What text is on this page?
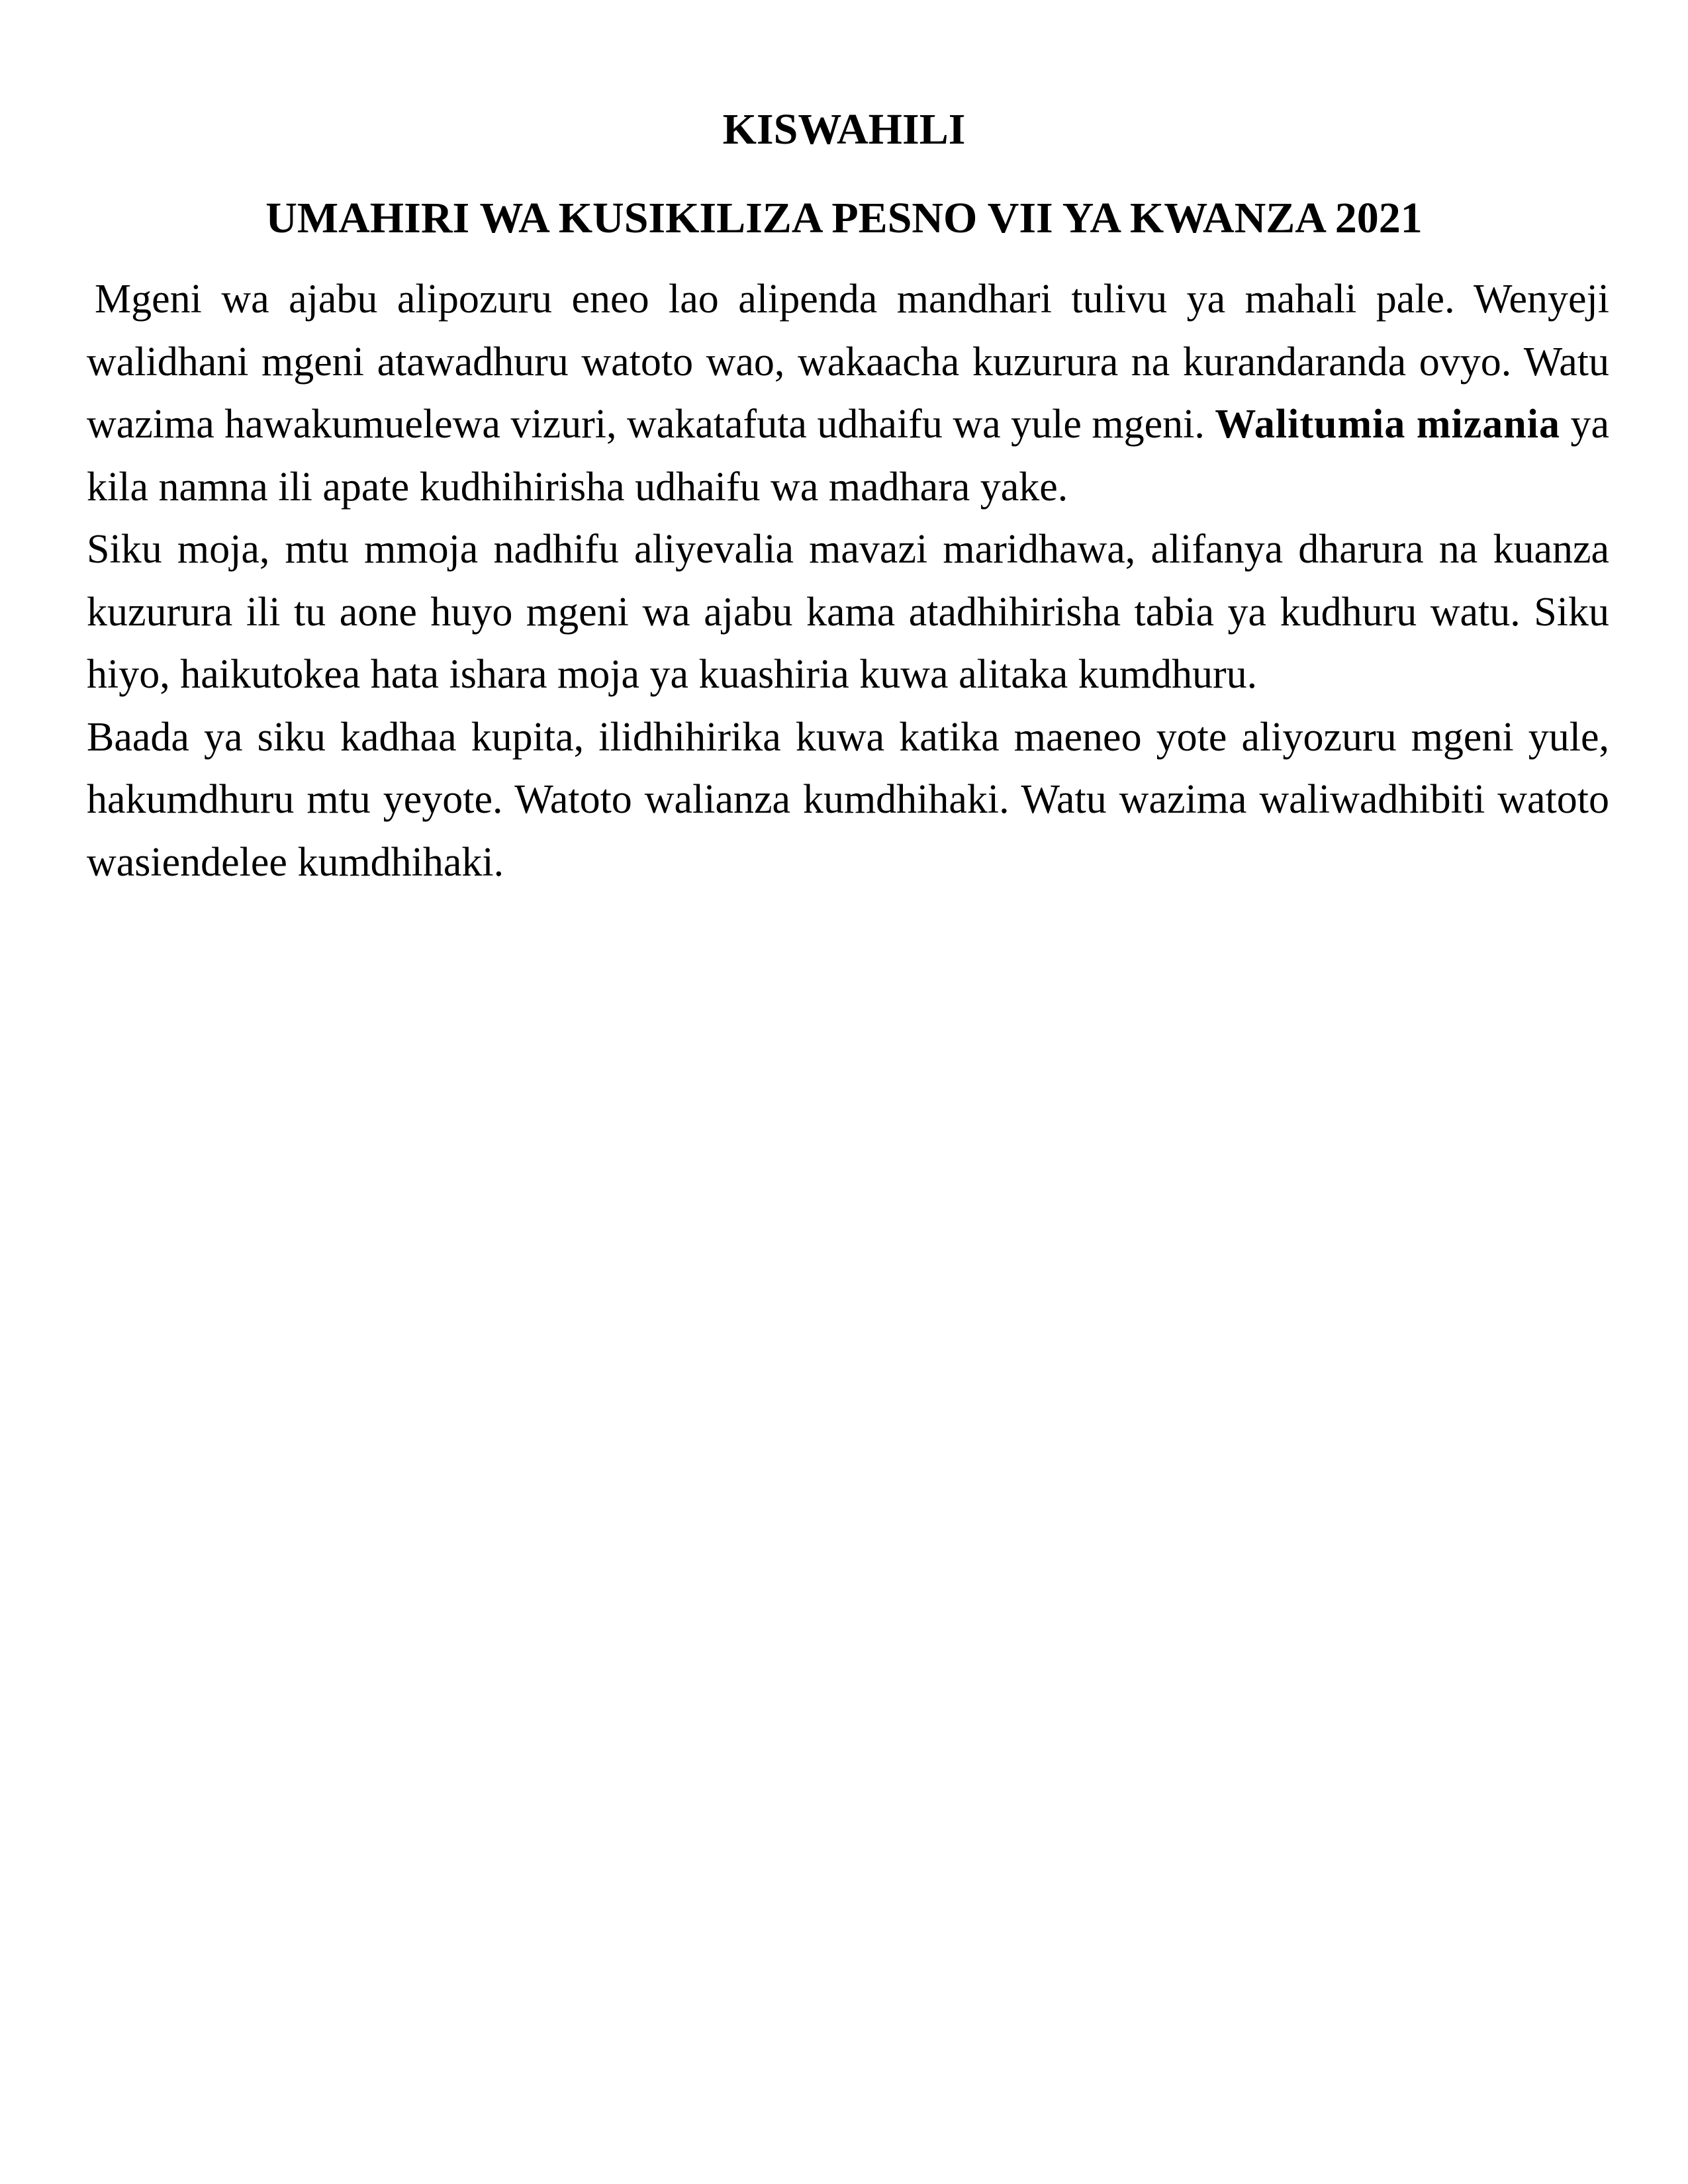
KISWAHILI
UMAHIRI WA KUSIKILIZA PESNO VII YA KWANZA 2021

Mgeni wa ajabu alipozuru eneo lao alipenda mandhari tulivu ya mahali pale. Wenyeji walidhani mgeni atawadhuru watoto wao, wakaacha kuzurura na kurandaranda ovyo. Watu wazima hawakumuelewa vizuri, wakatafuta udhaifu wa yule mgeni. Walitumia mizania ya kila namna ili apate kudhihirisha udhaifu wa madhara yake.

Siku moja, mtu mmoja nadhifu aliyevalia mavazi maridhawa, alifanya dharura na kuanza kuzurura ili tu aone huyo mgeni wa ajabu kama atadhihirisha tabia ya kudhuru watu. Siku hiyo, haikutokea hata ishara moja ya kuashiria kuwa alitaka kumdhuru.

Baada ya siku kadhaa kupita, ilidhihirika kuwa katika maeneo yote aliyozuru mgeni yule, hakumdhuru mtu yeyote. Watoto walianza kumdhihaki. Watu wazima waliwadhibiti watoto wasiendelee kumdhihaki.
